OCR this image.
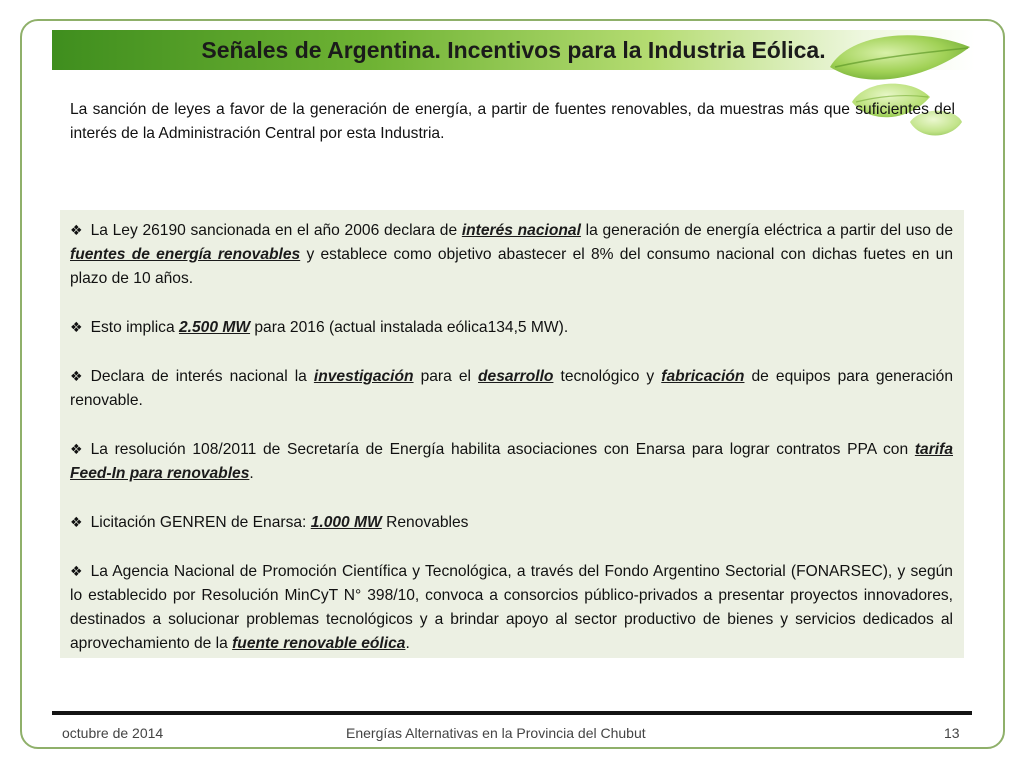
Señales de Argentina. Incentivos para la Industria Eólica.
La sanción de leyes a favor de la generación de energía, a partir de fuentes renovables, da muestras más que suficientes del interés de la Administración Central por esta Industria.

❖ La Ley 26190 sancionada en el año 2006 declara de interés nacional la generación de energía eléctrica a partir del uso de fuentes de energía renovables y establece como objetivo abastecer el 8% del consumo nacional con dichas fuetes en un plazo de 10 años.

❖ Esto implica 2.500 MW para 2016 (actual instalada eólica134,5 MW).

❖ Declara de interés nacional la investigación para el desarrollo tecnológico y fabricación de equipos para generación renovable.

❖ La resolución 108/2011 de Secretaría de Energía habilita asociaciones con Enarsa para lograr contratos PPA con tarifa Feed-In para renovables.

❖ Licitación GENREN de Enarsa: 1.000 MW Renovables

❖ La Agencia Nacional de Promoción Científica y Tecnológica, a través del Fondo Argentino Sectorial (FONARSEC), y según lo establecido por Resolución MinCyT N° 398/10, convoca a consorcios público-privados a presentar proyectos innovadores, destinados a solucionar problemas tecnológicos y a brindar apoyo al sector productivo de bienes y servicios dedicados al aprovechamiento de la fuente renovable eólica.

octubre de 2014	Energías Alternativas en la Provincia del Chubut	13
